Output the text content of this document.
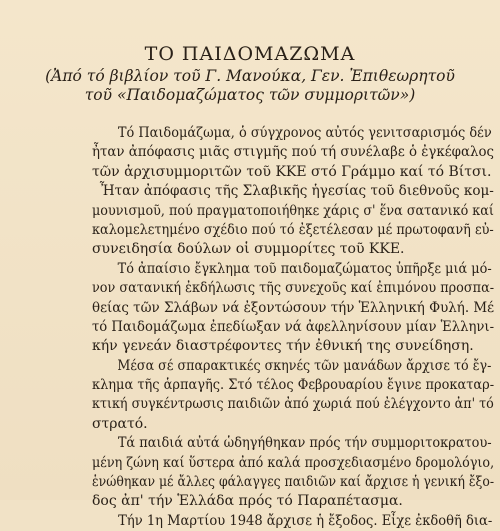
ΤΟ ΠΑΙΔΟΜΑΖΩΜΑ
(Ἀπό τό βιβλίον τοῦ Γ. Μανούκα, Γεν. Ἐπιθεωρητοῦ
τοῦ «Παιδομαζώματος τῶν συμμοριτῶν»)
Τό Παιδομάζωμα, ὁ σύγχρονος αὐτός γενιτσαρισμός δέν
ἦταν ἀπόφασις μιᾶς στιγμῆς πού τή συνέλαβε ὁ ἐγκέφαλος
τῶν ἀρχισυμμοριτῶν τοῦ ΚΚΕ στό Γράμμο καί τό Βίτσι.
Ἦταν ἀπόφασις τῆς Σλαβικῆς ἡγεσίας τοῦ διεθνοῦς κομ-
μουνισμοῦ, πού πραγματοποιήθηκε χάρις σ' ἕνα σατανικό καί
καλομελετημένο σχέδιο πού τό ἐξετέλεσαν μέ πρωτοφανῆ εὐ-
συνειδησία δούλων οἱ συμμορίτες τοῦ ΚΚΕ.
Τό ἀπαίσιο ἔγκλημα τοῦ παιδομαζώματος ὑπῆρξε μιά μό-
νον σατανική ἐκδήλωσις τῆς συνεχοῦς καί ἐπιμόνου προσπα-
θείας τῶν Σλάβων νά ἐξοντώσουν τήν Ἑλληνική Φυλή. Μέ
τό Παιδομάζωμα ἐπεδίωξαν νά ἀφελληνίσουν μίαν Ἑλληνι-
κήν γενεάν διαστρέφοντες τήν ἐθνική της συνείδηση.
Μέσα σέ σπαρακτικές σκηνές τῶν μανάδων ἄρχισε τό ἔγ-
κλημα τῆς ἁρπαγῆς. Στό τέλος Φεβρουαρίου ἔγινε προκαταρ-
κτική συγκέντρωσις παιδιῶν ἀπό χωριά πού ἐλέγχοντο ἀπ' τό
στρατό.
Τά παιδιά αὐτά ὡδηγήθηκαν πρός τήν συμμοριτοκρατου-
μένη ζώνη καί ὕστερα ἀπό καλά προσχεδιασμένο δρομολόγιο,
ἑνώθηκαν μέ ἄλλες φάλαγγες παιδιῶν καί ἄρχισε ἡ γενική ἔξο-
δος ἀπ' τήν Ἑλλάδα πρός τό Παραπέτασμα.
Τήν 1η Μαρτίου 1948 ἄρχισε ἡ ἔξοδος. Εἶχε ἐκδοθῆ δια-
